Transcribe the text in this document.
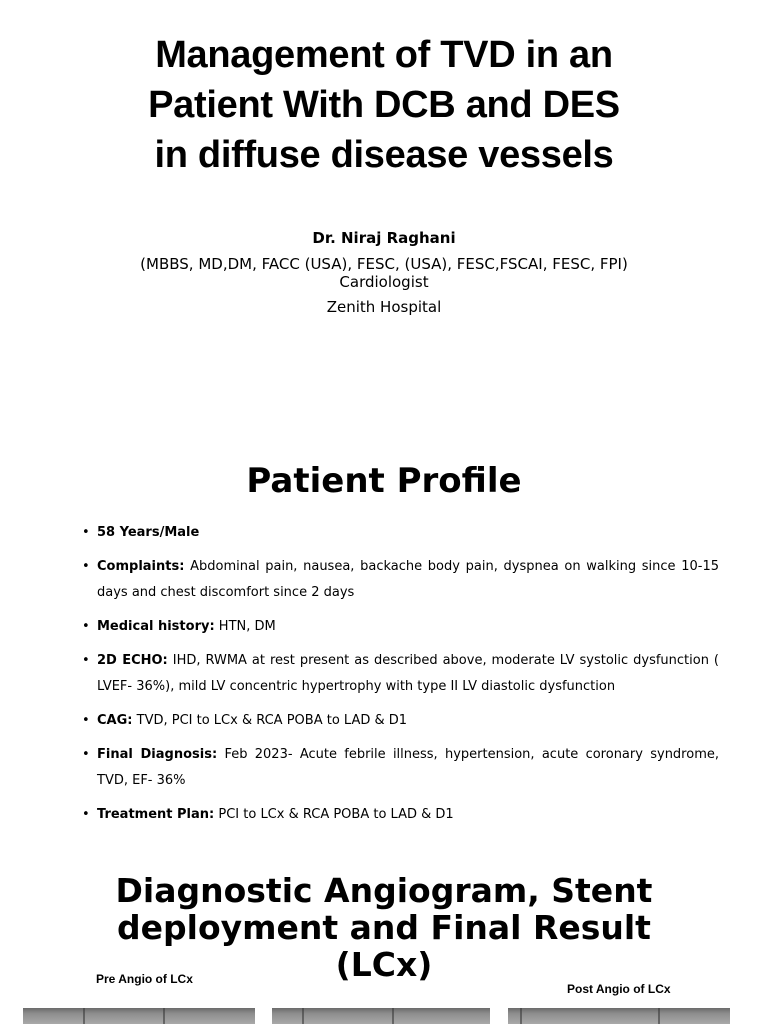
Management of TVD in an
Patient With DCB and DES
in diffuse disease vessels
Dr. Niraj Raghani
(MBBS, MD,DM, FACC (USA), FESC, (USA), FESC,FSCAI, FESC, FPI)
Cardiologist
Zenith Hospital
Patient Profile
• 58 Years/Male
• Complaints: Abdominal pain, nausea, backache body pain, dyspnea on walking since 10-15 days and chest discomfort since 2 days
• Medical history: HTN, DM
• 2D ECHO: IHD, RWMA at rest present as described above, moderate LV systolic dysfunction ( LVEF- 36%), mild LV concentric hypertrophy with type II LV diastolic dysfunction
• CAG: TVD, PCI to LCx & RCA POBA to LAD & D1
• Final Diagnosis: Feb 2023- Acute febrile illness, hypertension, acute coronary syndrome, TVD, EF- 36%
• Treatment Plan: PCI to LCx & RCA POBA to LAD & D1
Diagnostic Angiogram, Stent
deployment and Final Result
(LCx)
Pre Angio of LCx
Post Angio of LCx
